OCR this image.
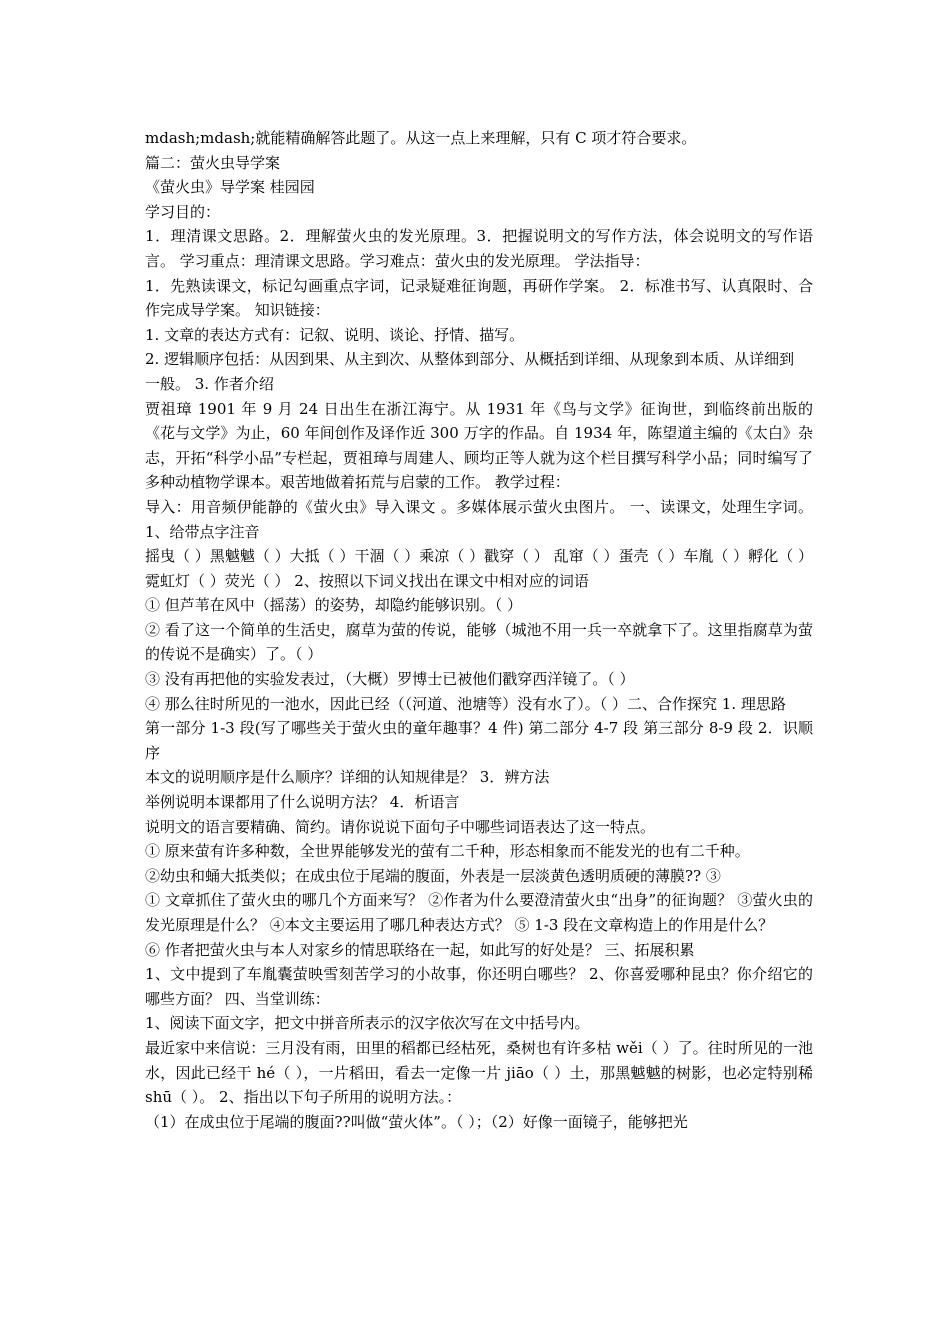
mdash;mdash;就能精确解答此题了。从这一点上来理解，只有 C 项才符合要求。

篇二：萤火虫导学案

《萤火虫》导学案 桂园园

学习目的：

1．理清课文思路。2．理解萤火虫的发光原理。3．把握说明文的写作方法，体会说明文的写作语言。 学习重点：理清课文思路。学习难点：萤火虫的发光原理。 学法指导：

1．先熟读课文，标记勾画重点字词，记录疑难征询题，再研作学案。 2．标准书写、认真限时、合作完成导学案。 知识链接：

1. 文章的表达方式有：记叙、说明、谈论、抒情、描写。

2. 逻辑顺序包括：从因到果、从主到次、从整体到部分、从概括到详细、从现象到本质、从详细到

一般。 3. 作者介绍

贾祖璋 1901 年 9 月 24 日出生在浙江海宁。从 1931 年《鸟与文学》征询世，到临终前出版的《花与文学》为止，60 年间创作及译作近 300 万字的作品。自 1934 年，陈望道主编的《太白》杂志，开拓“科学小品”专栏起，贾祖璋与周建人、顾均正等人就为这个栏目撰写科学小品；同时编写了多种动植物学课本。艰苦地做着拓荒与启蒙的工作。 教学过程：

导入：用音频伊能静的《萤火虫》导入课文 。多媒体展示萤火虫图片。 一、读课文，处理生字词。 1、给带点字注音

摇曳（ ）黑魆魆（ ）大抵（ ）干涸（ ）乘凉（ ）戳穿（ ） 乱窜（ ）蛋壳（ ）车胤（ ）孵化（ ）霓虹灯（ ）荧光（ ） 2、按照以下词义找出在课文中相对应的词语

① 但芦苇在风中（摇荡）的姿势，却隐约能够识别。（ ）

② 看了这一个简单的生活史，腐草为萤的传说，能够（城池不用一兵一卒就拿下了。这里指腐草为萤的传说不是确实）了。（ ）

③ 没有再把他的实验发表过，（大概）罗博士已被他们戳穿西洋镜了。（ ）

④ 那么往时所见的一池水，因此已经（（河道、池塘等）没有水了）。（ ）二、合作探究 1. 理思路

第一部分 1-3 段(写了哪些关于萤火虫的童年趣事？4 件) 第二部分 4-7 段 第三部分 8-9 段 2．识顺序

本文的说明顺序是什么顺序？详细的认知规律是？ 3．辨方法

举例说明本课都用了什么说明方法？ 4．析语言

说明文的语言要精确、简约。请你说说下面句子中哪些词语表达了这一特点。

① 原来萤有许多种数，全世界能够发光的萤有二千种，形态相象而不能发光的也有二千种。

②幼虫和蛹大抵类似；在成虫位于尾端的腹面，外表是一层淡黄色透明质硬的薄膜?? ③

① 文章抓住了萤火虫的哪几个方面来写？ ②作者为什么要澄清萤火虫“出身”的征询题？ ③萤火虫的发光原理是什么？ ④本文主要运用了哪几种表达方式？ ⑤ 1-3 段在文章构造上的作用是什么？

⑥ 作者把萤火虫与本人对家乡的情思联络在一起，如此写的好处是？ 三、拓展积累

1、文中提到了车胤囊萤映雪刻苦学习的小故事，你还明白哪些？ 2、你喜爱哪种昆虫？你介绍它的哪些方面？ 四、当堂训练：

1、阅读下面文字，把文中拼音所表示的汉字依次写在文中括号内。

最近家中来信说：三月没有雨，田里的稻都已经枯死，桑树也有许多枯 wěi（ ）了。往时所见的一池水，因此已经干 hé（ ），一片稻田，看去一定像一片 jiāo（ ）土，那黑魆魆的树影，也必定特别稀 shū（ ）。 2、指出以下句子所用的说明方法。：

（1）在成虫位于尾端的腹面??叫做“萤火体”。（ ）；（2）好像一面镜子，能够把光
